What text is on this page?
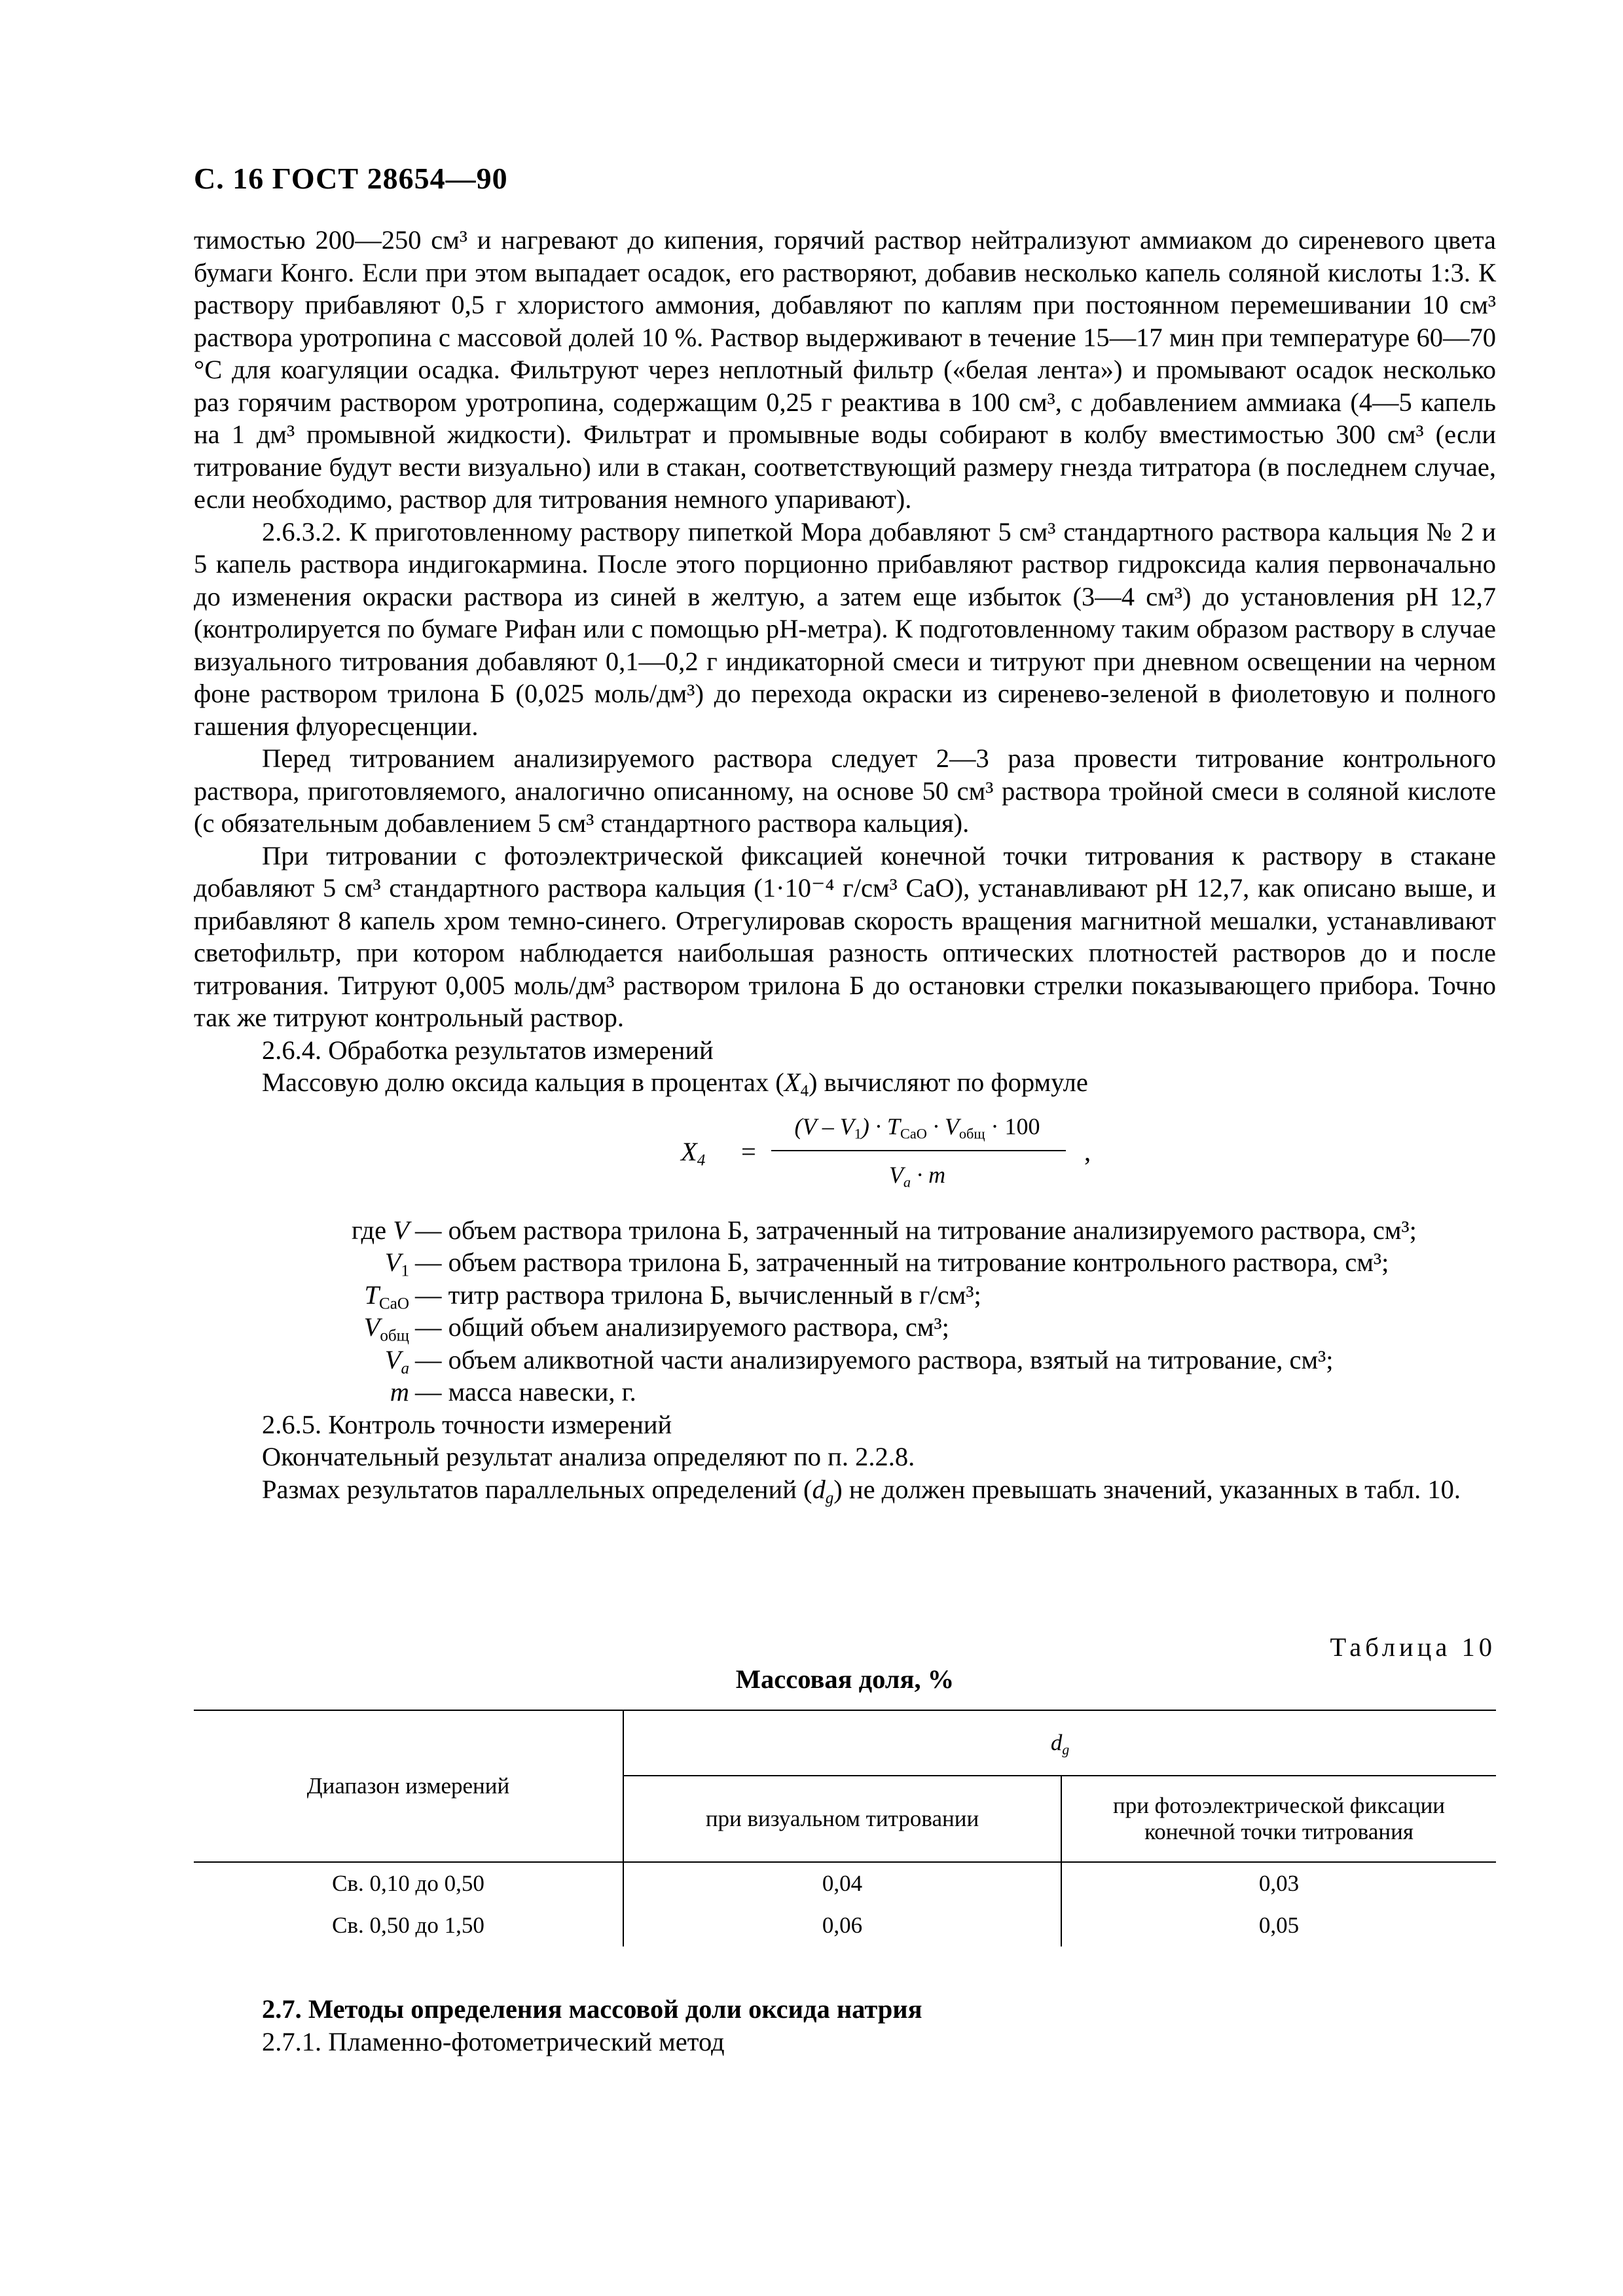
С. 16 ГОСТ 28654—90

тимостью 200—250 см³ и нагревают до кипения, горячий раствор нейтрализуют аммиаком до сиреневого цвета бумаги Конго. Если при этом выпадает осадок, его растворяют, добавив несколько капель соляной кислоты 1:3. К раствору прибавляют 0,5 г хлористого аммония, добавляют по каплям при постоянном перемешивании 10 см³ раствора уротропина с массовой долей 10 %. Раствор выдерживают в течение 15—17 мин при температуре 60—70 °С для коагуляции осадка. Фильтруют через неплотный фильтр («белая лента») и промывают осадок несколько раз горячим раствором уротропина, содержащим 0,25 г реактива в 100 см³, с добавлением аммиака (4—5 капель на 1 дм³ промывной жидкости). Фильтрат и промывные воды собирают в колбу вместимостью 300 см³ (если титрование будут вести визуально) или в стакан, соответствующий размеру гнезда титратора (в последнем случае, если необходимо, раствор для титрования немного упаривают).

2.6.3.2. К приготовленному раствору пипеткой Мора добавляют 5 см³ стандартного раствора кальция № 2 и 5 капель раствора индигокармина. После этого порционно прибавляют раствор гидроксида калия первоначально до изменения окраски раствора из синей в желтую, а затем еще избыток (3—4 см³) до установления рН 12,7 (контролируется по бумаге Рифан или с помощью рН-метра). К подготовленному таким образом раствору в случае визуального титрования добавляют 0,1—0,2 г индикаторной смеси и титруют при дневном освещении на черном фоне раствором трилона Б (0,025 моль/дм³) до перехода окраски из сиреневo-зеленой в фиолетовую и полного гашения флуоресценции.

Перед титрованием анализируемого раствора следует 2—3 раза провести титрование контрольного раствора, приготовляемого, аналогично описанному, на основе 50 см³ раствора тройной смеси в соляной кислоте (с обязательным добавлением 5 см³ стандартного раствора кальция).

При титровании с фотоэлектрической фиксацией конечной точки титрования к раствору в стакане добавляют 5 см³ стандартного раствора кальция (1·10⁻⁴ г/см³ СаО), устанавливают рН 12,7, как описано выше, и прибавляют 8 капель хром темно-синего. Отрегулировав скорость вращения магнитной мешалки, устанавливают светофильтр, при котором наблюдается наибольшая разность оптических плотностей растворов до и после титрования. Титруют 0,005 моль/дм³ раствором трилона Б до остановки стрелки показывающего прибора. Точно так же титруют контрольный раствор.

2.6.4. Обработка результатов измерений

Массовую долю оксида кальция в процентах $(X_4)$ вычисляют по формуле

$X_4$ =
$(V - V_1) \cdot T_{CaO} \cdot V_{общ} \cdot 100$
$V_a \cdot m$
,
где V — объем раствора трилона Б, затраченный на титрование анализируемого раствора, см³;
$V_1$ — объем раствора трилона Б, затраченный на титрование контрольного раствора, см³;
$T_{CaO}$ — титр раствора трилона Б, вычисленный в г/см³;
$V_{общ}$ — общий объем анализируемого раствора, см³;
$V_a$ — объем аликвотной части анализируемого раствора, взятый на титрование, см³;
m — масса навески, г.

2.6.5. Контроль точности измерений

Окончательный результат анализа определяют по п. 2.2.8.

Размах результатов параллельных определений $(d_g)$ не должен превышать значений, указанных в табл. 10.

Таблица 10
Массовая доля, %
Диапазон измерений	$d_g$
	при визуальном титровании	при фотоэлектрической фиксации конечной точки титрования
Св. 0,10 до 0,50	0,04	0,03
Св. 0,50 до 1,50	0,06	0,05
2.7. Методы определения массовой доли оксида натрия
2.7.1. Пламенно-фотометрический метод
